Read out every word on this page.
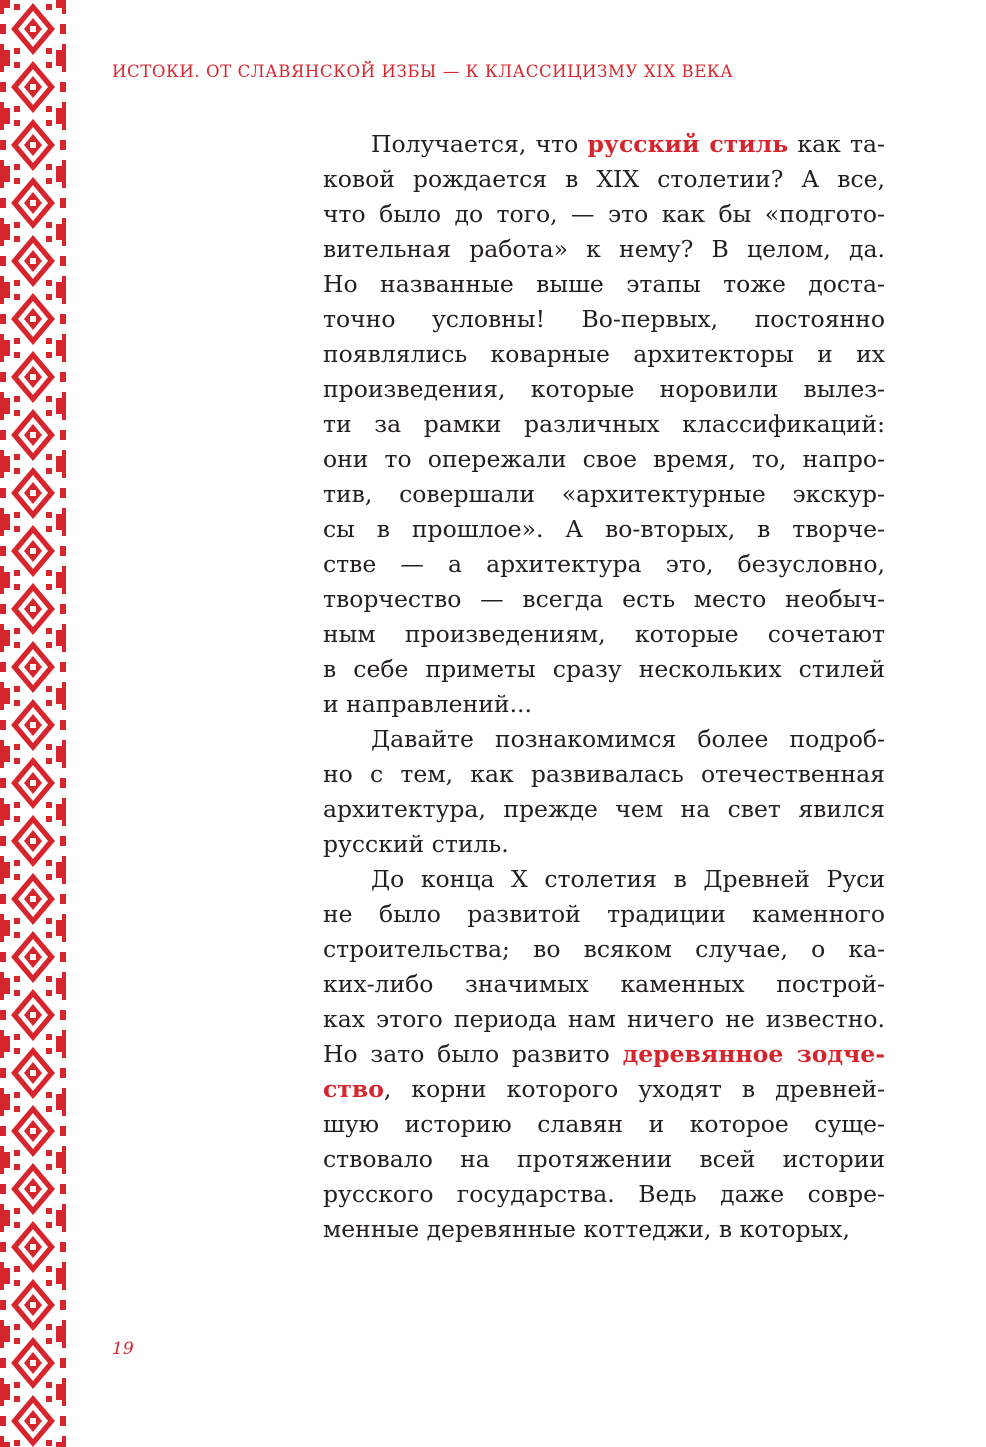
ИСТОКИ. ОТ СЛАВЯНСКОЙ ИЗБЫ — К КЛАССИЦИЗМУ XIX ВЕКА
Получается, что русский стиль как та-
ковой рождается в XIX столетии? А все,
что было до того, — это как бы «подгото-
вительная работа» к нему? В целом, да.
Но названные выше этапы тоже доста-
точно условны! Во-первых, постоянно
появлялись коварные архитекторы и их
произведения, которые норовили вылез-
ти за рамки различных классификаций:
они то опережали свое время, то, напро-
тив, совершали «архитектурные экскур-
сы в прошлое». А во-вторых, в творче-
стве — а архитектура это, безусловно,
творчество — всегда есть место необыч-
ным произведениям, которые сочетают
в себе приметы сразу нескольких стилей
и направлений...
Давайте познакомимся более подроб-
но с тем, как развивалась отечественная
архитектура, прежде чем на свет явился
русский стиль.
До конца X столетия в Древней Руси
не было развитой традиции каменного
строительства; во всяком случае, о ка-
ких-либо значимых каменных построй-
ках этого периода нам ничего не известно.
Но зато было развито деревянное зодче-
ство, корни которого уходят в древней-
шую историю славян и которое суще-
ствовало на протяжении всей истории
русского государства. Ведь даже совре-
менные деревянные коттеджи, в которых,
19
